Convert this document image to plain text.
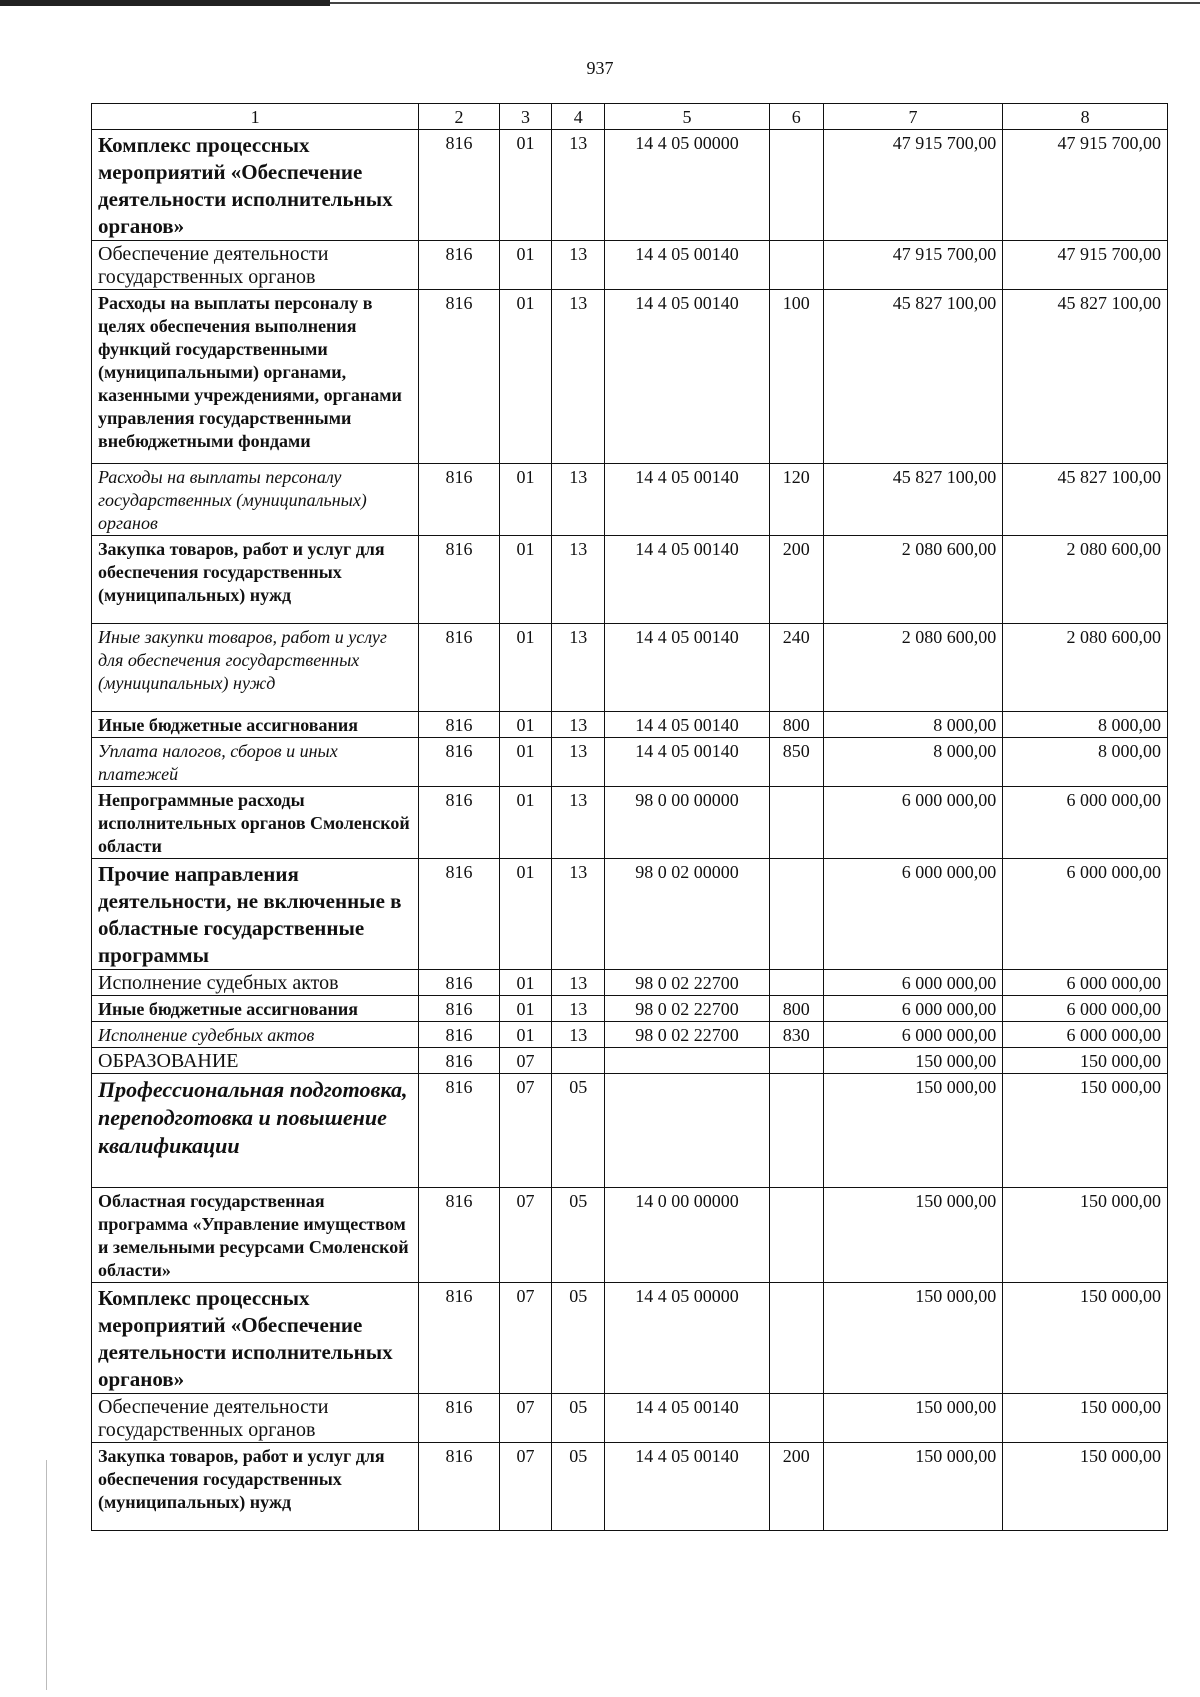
937
1	2	3	4	5	6	7	8
Комплекс процессных мероприятий «Обеспечение деятельности исполнительных органов»	816	01	13	14 4 05 00000		47 915 700,00	47 915 700,00
Обеспечение деятельности государственных органов	816	01	13	14 4 05 00140		47 915 700,00	47 915 700,00
Расходы на выплаты персоналу в целях обеспечения выполнения функций государственными (муниципальными) органами, казенными учреждениями, органами управления государственными внебюджетными фондами	816	01	13	14 4 05 00140	100	45 827 100,00	45 827 100,00
Расходы на выплаты персоналу государственных (муниципальных) органов	816	01	13	14 4 05 00140	120	45 827 100,00	45 827 100,00
Закупка товаров, работ и услуг для обеспечения государственных (муниципальных) нужд	816	01	13	14 4 05 00140	200	2 080 600,00	2 080 600,00
Иные закупки товаров, работ и услуг для обеспечения государственных (муниципальных) нужд	816	01	13	14 4 05 00140	240	2 080 600,00	2 080 600,00
Иные бюджетные ассигнования	816	01	13	14 4 05 00140	800	8 000,00	8 000,00
Уплата налогов, сборов и иных платежей	816	01	13	14 4 05 00140	850	8 000,00	8 000,00
Непрограммные расходы исполнительных органов Смоленской области	816	01	13	98 0 00 00000		6 000 000,00	6 000 000,00
Прочие направления деятельности, не включенные в областные государственные программы	816	01	13	98 0 02 00000		6 000 000,00	6 000 000,00
Исполнение судебных актов	816	01	13	98 0 02 22700		6 000 000,00	6 000 000,00
Иные бюджетные ассигнования	816	01	13	98 0 02 22700	800	6 000 000,00	6 000 000,00
Исполнение судебных актов	816	01	13	98 0 02 22700	830	6 000 000,00	6 000 000,00
ОБРАЗОВАНИЕ	816	07				150 000,00	150 000,00
Профессиональная подготовка, переподготовка и повышение квалификации	816	07	05			150 000,00	150 000,00
Областная государственная программа «Управление имуществом и земельными ресурсами Смоленской области»	816	07	05	14 0 00 00000		150 000,00	150 000,00
Комплекс процессных мероприятий «Обеспечение деятельности исполнительных органов»	816	07	05	14 4 05 00000		150 000,00	150 000,00
Обеспечение деятельности государственных органов	816	07	05	14 4 05 00140		150 000,00	150 000,00
Закупка товаров, работ и услуг для обеспечения государственных (муниципальных) нужд	816	07	05	14 4 05 00140	200	150 000,00	150 000,00
